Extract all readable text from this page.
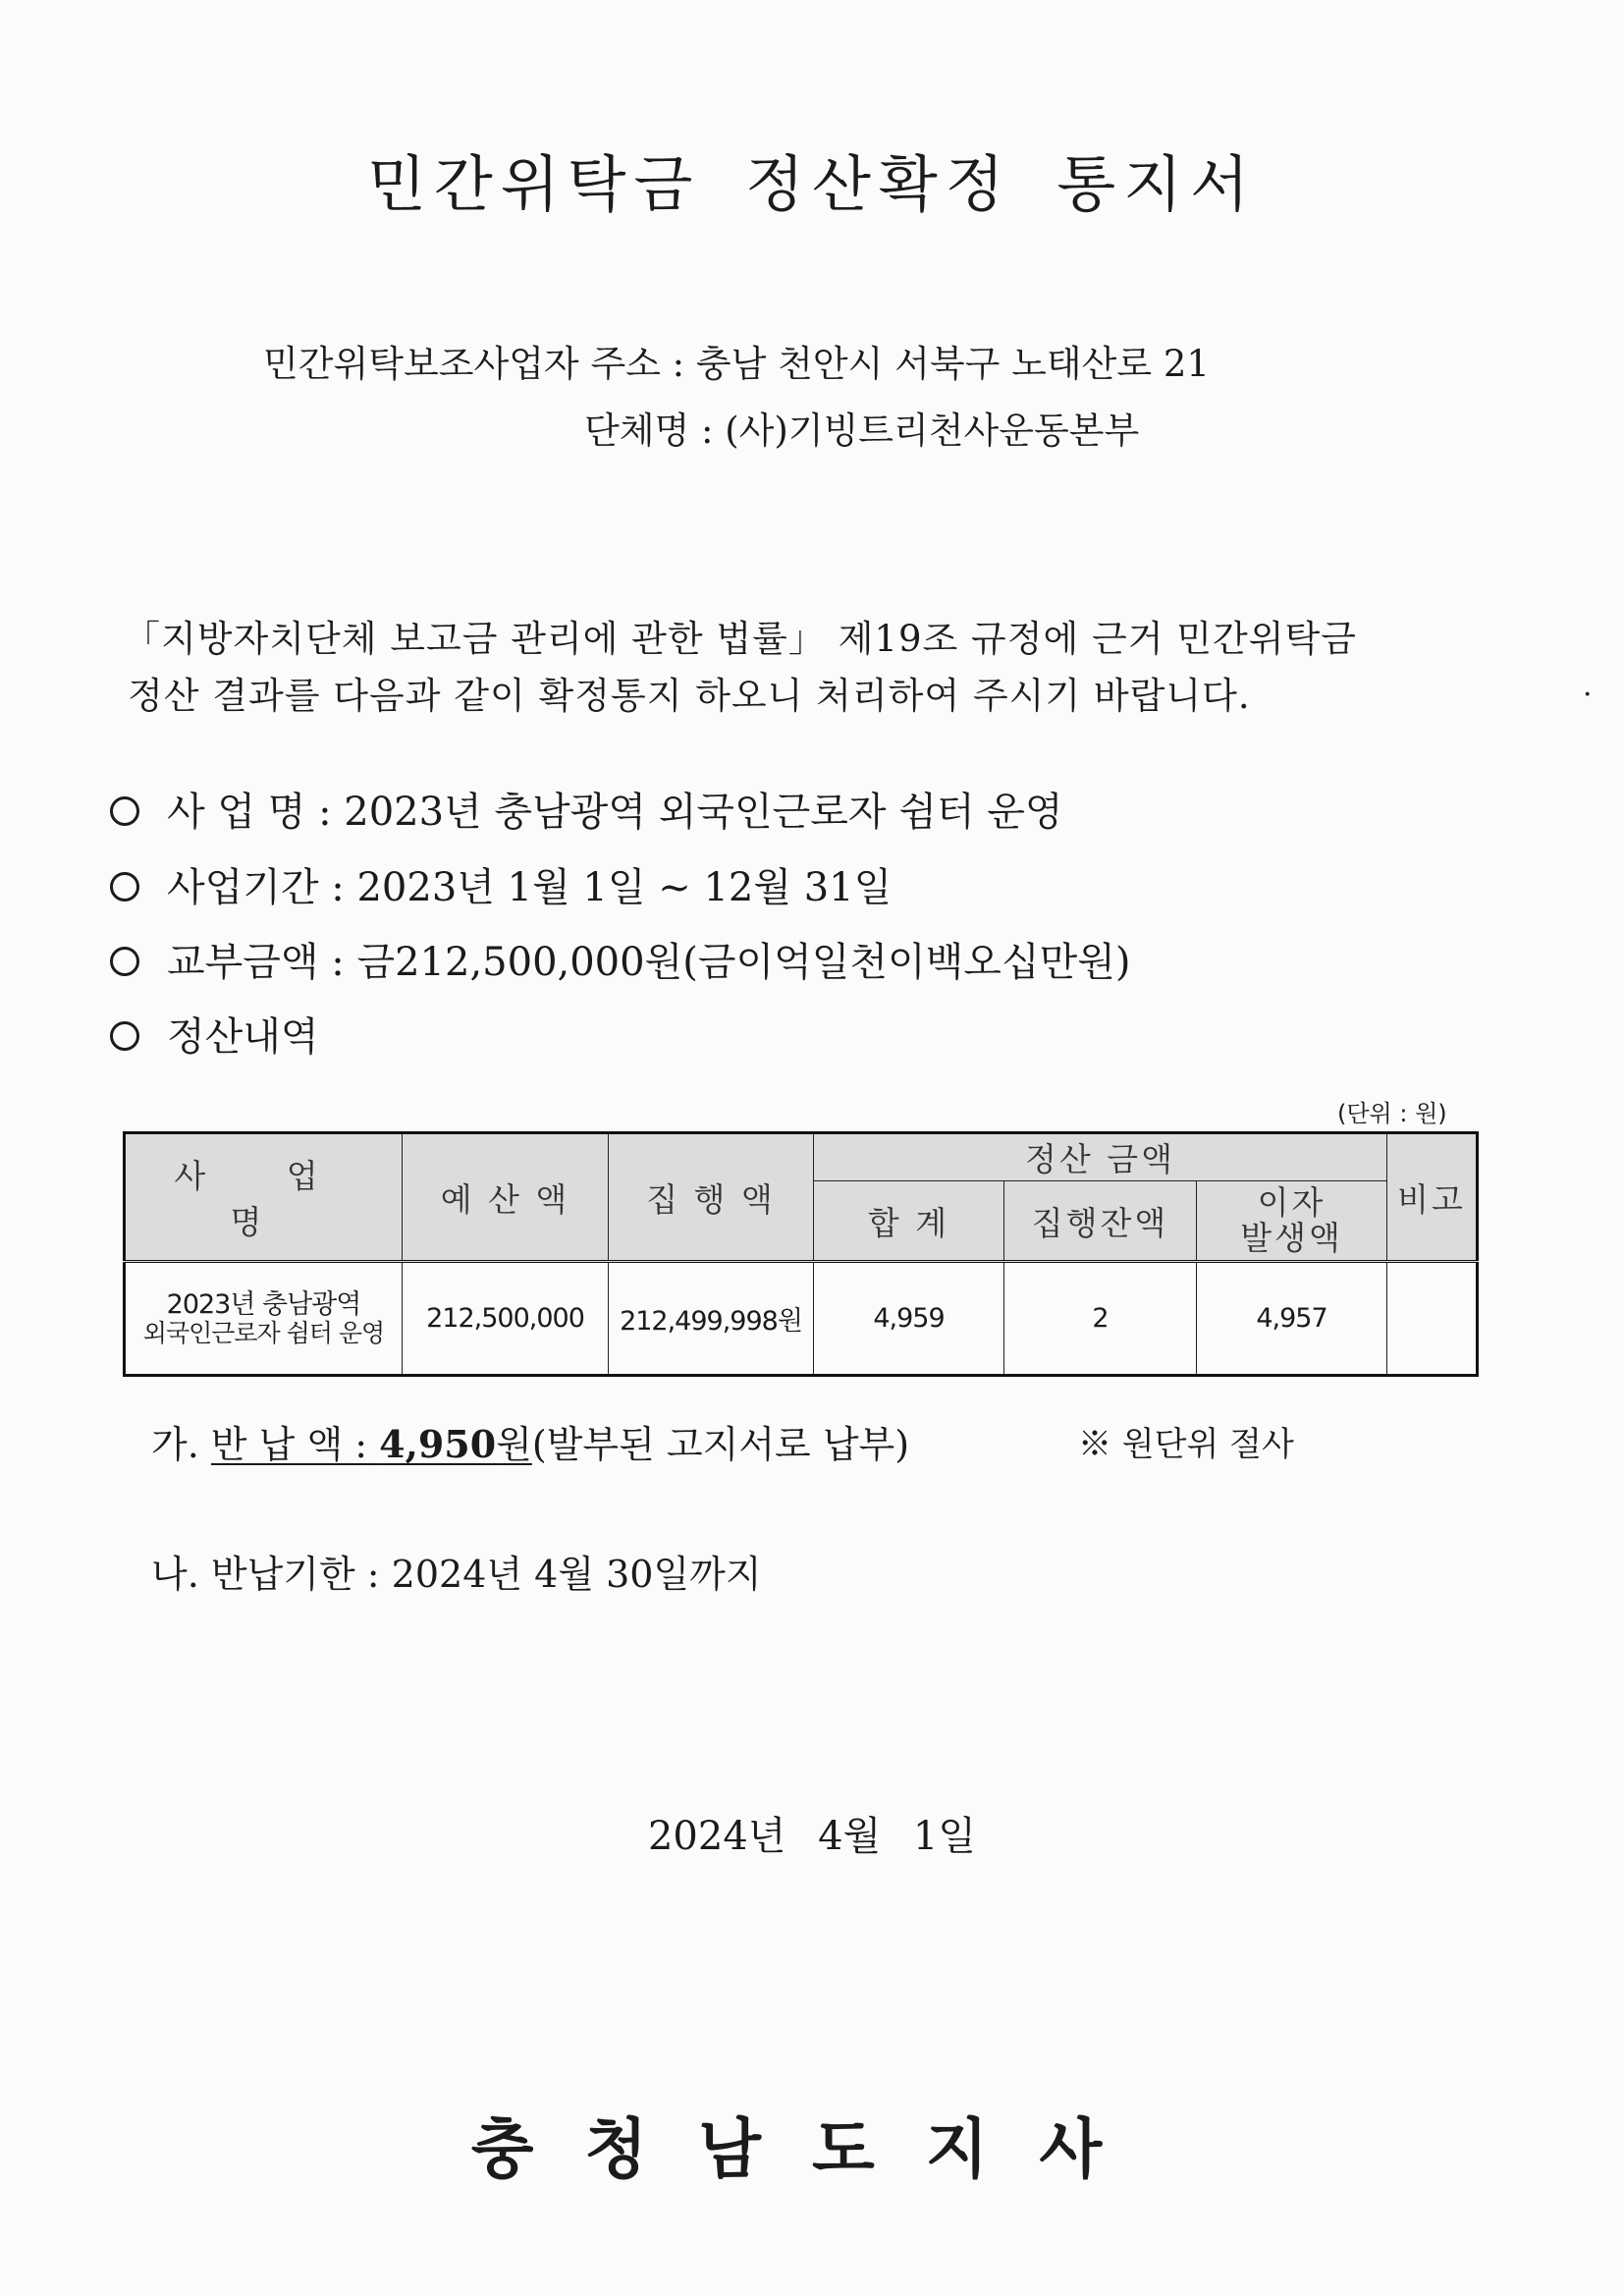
민간위탁금 정산확정 통지서
민간위탁보조사업자 주소 : 충남 천안시 서북구 노태산로 21
단체명 : (사)기빙트리천사운동본부
「지방자치단체 보고금 관리에 관한 법률」 제19조 규정에 근거 민간위탁금
정산 결과를 다음과 같이 확정통지 하오니 처리하여 주시기 바랍니다.	·
사 업 명 : 2023년 충남광역 외국인근로자 쉼터 운영
사업기간 : 2023년 1월 1일 ~ 12월 31일
교부금액 : 금212,500,000원(금이억일천이백오십만원)
정산내역
(단위 : 원)
사 업 명	예 산 액	집 행 액	정산 금액			비고
			합 계	집행잔액	이자
발생액	

2023년 충남광역
외국인근로자 쉼터 운영	212,500,000	212,499,998원	4,959	2	4,957	
가. 반 납 액 : 4,950원(발부된 고지서로 납부)	※ 원단위 절사
나. 반납기한 : 2024년 4월 30일까지
2024년 4월 1일
충청남도지사
